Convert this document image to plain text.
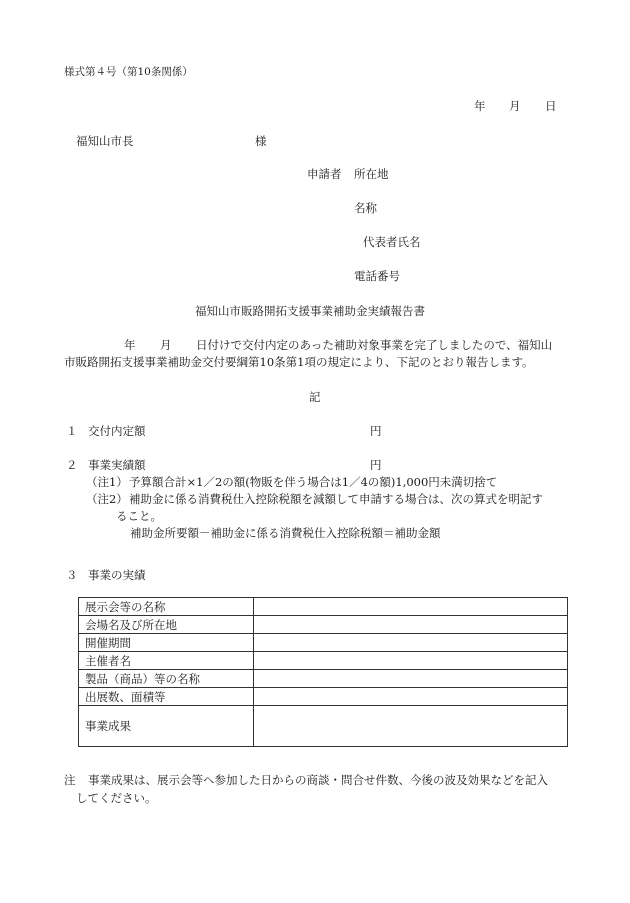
様式第４号（第10条関係）
年 月 日
福知山市長	様
申請者 所在地
名称
代表者氏名
電話番号
福知山市販路開拓支援事業補助金実績報告書
年 月 日付けで交付内定のあった補助対象事業を完了しましたので、福知山
市販路開拓支援事業補助金交付要綱第10条第1項の規定により、下記のとおり報告します。
記
１ 交付内定額	円
２ 事業実績額	円
（注1） 予算額合計×1／2の額(物販を伴う場合は1／4の額)1,000円未満切捨て
（注2） 補助金に係る消費税仕入控除税額を減額して申請する場合は、次の算式を明記す
ること。
補助金所要額－補助金に係る消費税仕入控除税額＝補助金額
３ 事業の実績
展示会等の名称	
会場名及び所在地	
開催期間	
主催者名	
製品（商品）等の名称	
出展数、面積等	
事業成果	
注 事業成果は、展示会等へ参加した日からの商談・問合せ件数、今後の波及効果などを記入
してください。
